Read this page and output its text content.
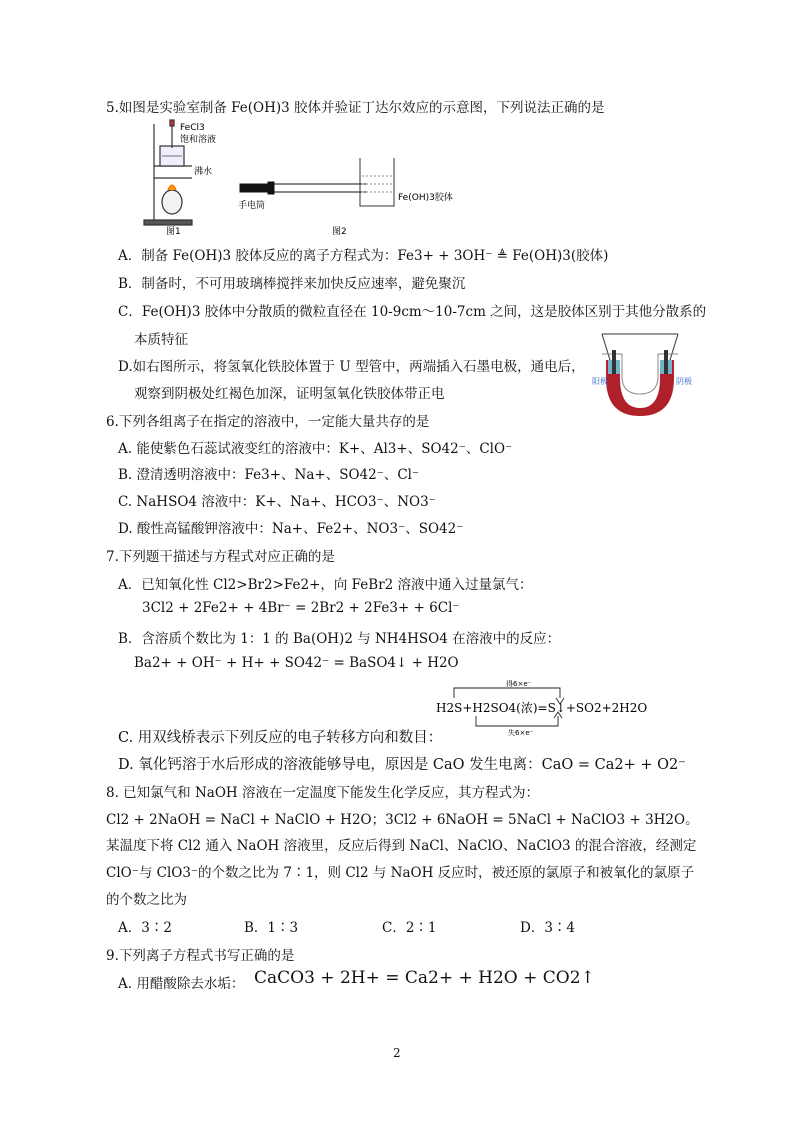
5.如图是实验室制备 Fe(OH)3 胶体并验证丁达尔效应的示意图，下列说法正确的是
FeCl3
饱和溶液
沸水
图1
手电筒
Fe(OH)3胶体
图2
A．制备 Fe(OH)3 胶体反应的离子方程式为：Fe3+ + 3OH⁻ ≜ Fe(OH)3(胶体)
B．制备时，不可用玻璃棒搅拌来加快反应速率，避免聚沉
C．Fe(OH)3 胶体中分散质的微粒直径在 10-9cm～10-7cm 之间，这是胶体区别于其他分散系的
本质特征
D.如右图所示，将氢氧化铁胶体置于 U 型管中，两端插入石墨电极，通电后，
观察到阴极处红褐色加深，证明氢氧化铁胶体带正电
阳极	阴极
6.下列各组离子在指定的溶液中，一定能大量共存的是
A. 能使紫色石蕊试液变红的溶液中：K+、Al3+、SO42⁻、ClO⁻
B. 澄清透明溶液中：Fe3+、Na+、SO42⁻、Cl⁻
C. NaHSO4 溶液中：K+、Na+、HCO3⁻、NO3⁻
D. 酸性高锰酸钾溶液中：Na+、Fe2+、NO3⁻、SO42⁻
7.下列题干描述与方程式对应正确的是
A．已知氧化性 Cl2>Br2>Fe2+，向 FeBr2 溶液中通入过量氯气：
3Cl2 + 2Fe2+ + 4Br⁻ = 2Br2 + 2Fe3+ + 6Cl⁻
B．含溶质个数比为 1：1 的 Ba(OH)2 与 NH4HSO4 在溶液中的反应：
Ba2+ + OH⁻ + H+ + SO42⁻ = BaSO4↓ + H2O
得6×e⁻
H2S+H2SO4(浓)=S↓+SO2+2H2O
失6×e⁻
C. 用双线桥表示下列反应的电子转移方向和数目：
D. 氧化钙溶于水后形成的溶液能够导电，原因是 CaO 发生电离：CaO = Ca2+ + O2⁻
8. 已知氯气和 NaOH 溶液在一定温度下能发生化学反应，其方程式为：
Cl2 + 2NaOH = NaCl + NaClO + H2O；3Cl2 + 6NaOH = 5NaCl + NaClO3 + 3H2O。
某温度下将 Cl2 通入 NaOH 溶液里，反应后得到 NaCl、NaClO、NaClO3 的混合溶液，经测定
ClO⁻与 ClO3⁻的个数之比为 7∶1，则 Cl2 与 NaOH 反应时，被还原的氯原子和被氧化的氯原子
的个数之比为
A．3∶2	B．1∶3	C．2∶1	D．3∶4
9.下列离子方程式书写正确的是
A. 用醋酸除去水垢： CaCO3 + 2H+ = Ca2+ + H2O + CO2↑
2
